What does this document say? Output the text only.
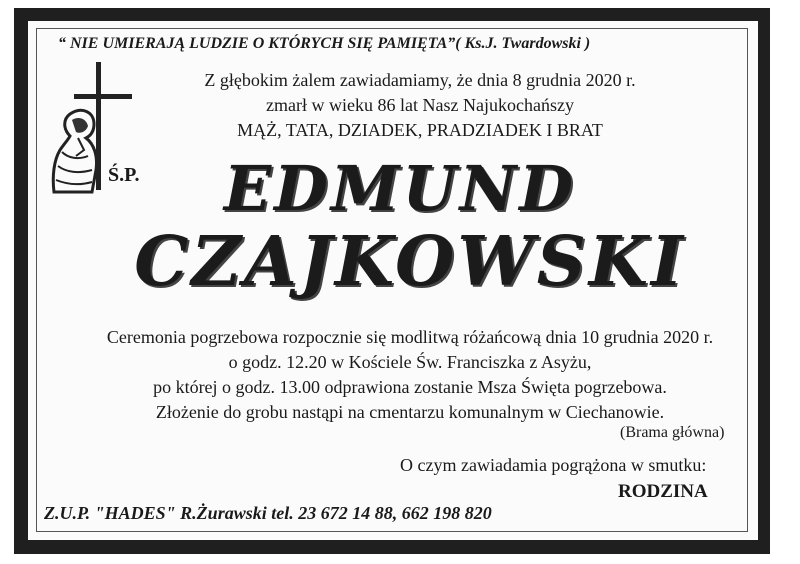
“ NIE UMIERAJĄ LUDZIE O KTÓRYCH SIĘ PAMIĘTA”( Ks.J. Twardowski )
Z głębokim żalem zawiadamiamy, że dnia 8 grudnia 2020 r.
zmarł w wieku 86 lat Nasz Najukochańszy
MĄŻ, TATA, DZIADEK, PRADZIADEK I BRAT
Ś.P.	EDMUND
CZAJKOWSKI
Ceremonia pogrzebowa rozpocznie się modlitwą różańcową dnia 10 grudnia 2020 r.
o godz. 12.20 w Kościele Św. Franciszka z Asyżu,
po której o godz. 13.00 odprawiona zostanie Msza Święta pogrzebowa.
Złożenie do grobu nastąpi na cmentarzu komunalnym w Ciechanowie.
(Brama główna)
O czym zawiadamia pogrążona w smutku:
RODZINA
Z.U.P. "HADES" R.Żurawski tel. 23 672 14 88, 662 198 820
